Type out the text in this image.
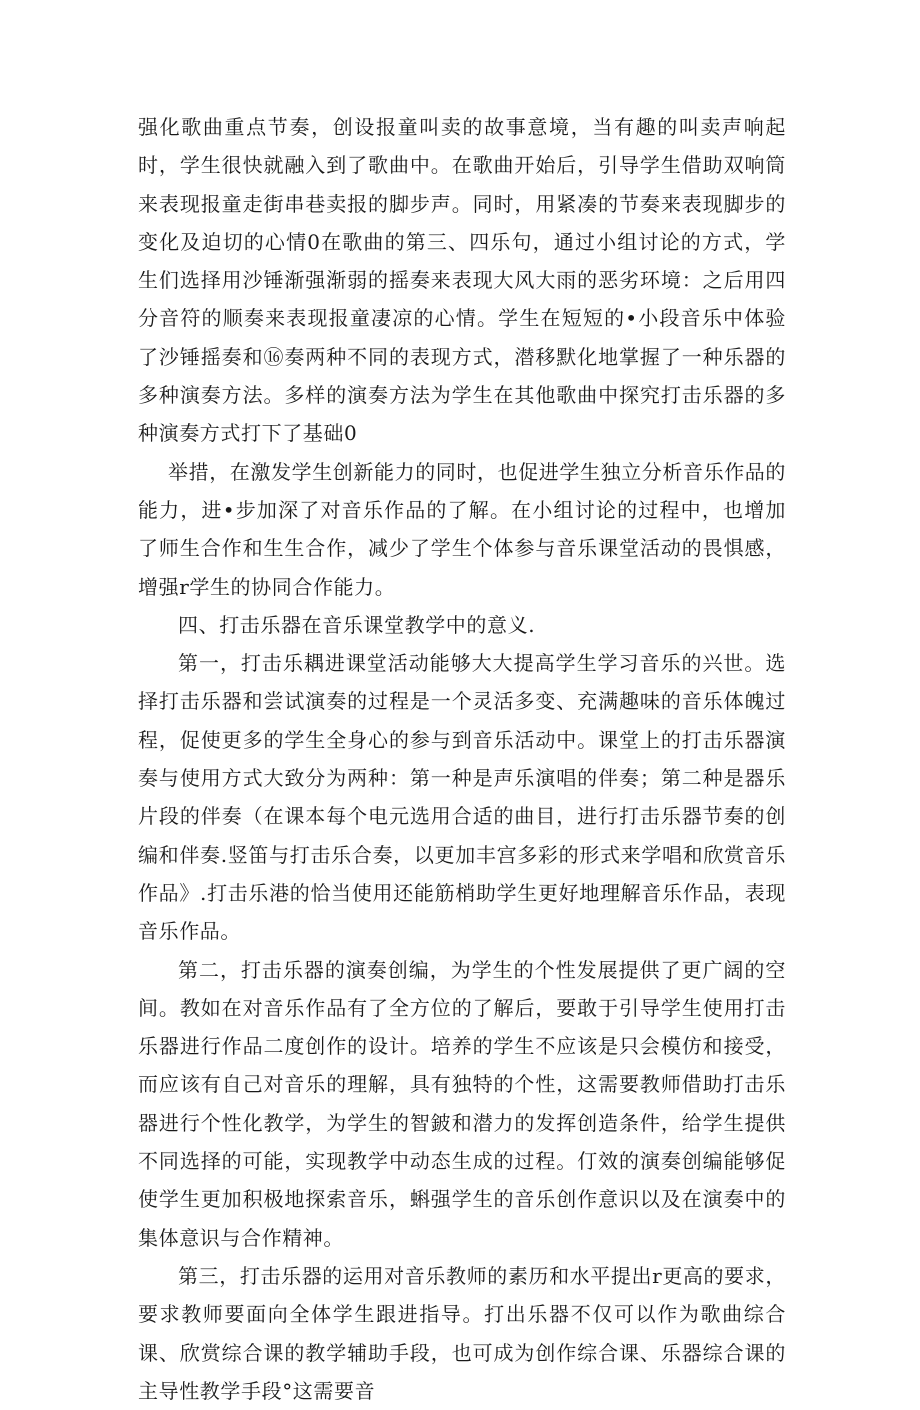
强化歌曲重点节奏，创设报童叫卖的故事意境，当有趣的叫卖声响起时，学生很快就融入到了歌曲中。在歌曲开始后，引导学生借助双响筒来表现报童走街串巷卖报的脚步声。同时，用紧凑的节奏来表现脚步的变化及迫切的心情0在歌曲的第三、四乐句，通过小组讨论的方式，学生们选择用沙锤渐强渐弱的摇奏来表现大风大雨的恶劣环境：之后用四分音符的顺奏来表现报童凄凉的心情。学生在短短的•小段音乐中体验了沙锤摇奏和⑯奏两种不同的表现方式，潜移默化地掌握了一种乐器的多种演奏方法。多样的演奏方法为学生在其他歌曲中探究打击乐器的多种演奏方式打下了基础0

举措，在激发学生创新能力的同时，也促进学生独立分析音乐作品的能力，进•步加深了对音乐作品的了解。在小组讨论的过程中，也增加了师生合作和生生合作，减少了学生个体参与音乐课堂活动的畏惧感，增强r学生的协同合作能力。

四、打击乐器在音乐课堂教学中的意义.

第一，打击乐耦进课堂活动能够大大提高学生学习音乐的兴世。选择打击乐器和尝试演奏的过程是一个灵活多变、充满趣味的音乐体魄过程，促使更多的学生全身心的参与到音乐活动中。课堂上的打击乐器演奏与使用方式大致分为两种：第一种是声乐演唱的伴奏；第二种是器乐片段的伴奏（在课本每个电元选用合适的曲目，进行打击乐器节奏的创编和伴奏.竖笛与打击乐合奏，以更加丰宫多彩的形式来学唱和欣赏音乐作品》.打击乐港的恰当使用还能筋梢助学生更好地理解音乐作品，表现音乐作品。

第二，打击乐器的演奏创编，为学生的个性发展提供了更广阔的空间。教如在对音乐作品有了全方位的了解后，要敢于引导学生使用打击乐器进行作品二度创作的设计。培养的学生不应该是只会模仿和接受，而应该有自己对音乐的理解，具有独特的个性，这需要教师借助打击乐器进行个性化教学，为学生的智鈹和潜力的发挥创造条件，给学生提供不同选择的可能，实现教学中动态生成的过程。仃效的演奏创编能够促使学生更加积极地探索音乐，蝌强学生的音乐创作意识以及在演奏中的集体意识与合作精神。

第三，打击乐器的运用对音乐教师的素历和水平提出r更高的要求，要求教师要面向全体学生跟进指导。打出乐器不仅可以作为歌曲综合课、欣赏综合课的教学辅助手段，也可成为创作综合课、乐器综合课的主导性教学手段°这需要音
